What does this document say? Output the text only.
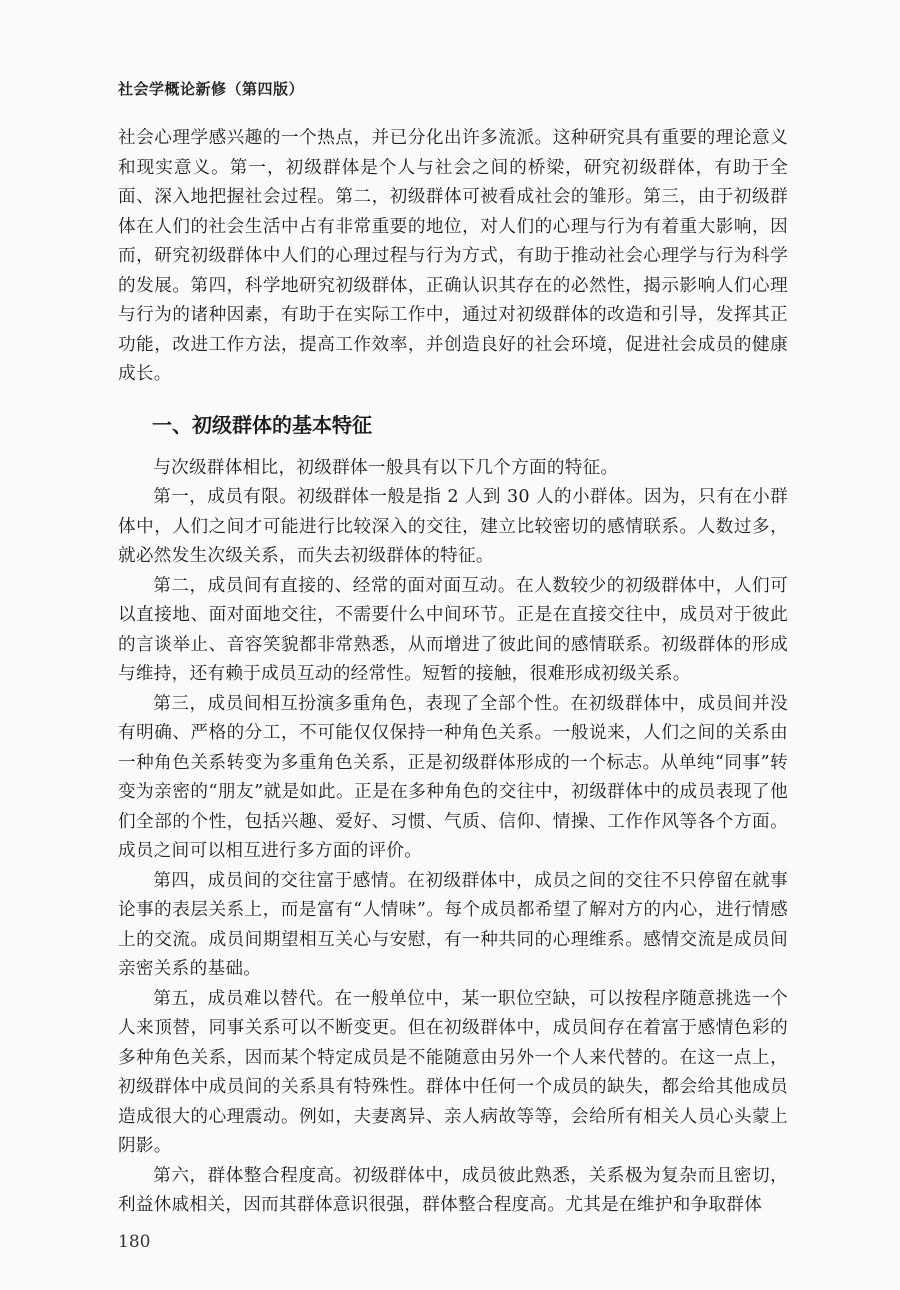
社会学概论新修（第四版）

社会心理学感兴趣的一个热点，并已分化出许多流派。这种研究具有重要的理论意义和现实意义。第一，初级群体是个人与社会之间的桥梁，研究初级群体，有助于全面、深入地把握社会过程。第二，初级群体可被看成社会的雏形。第三，由于初级群体在人们的社会生活中占有非常重要的地位，对人们的心理与行为有着重大影响，因而，研究初级群体中人们的心理过程与行为方式，有助于推动社会心理学与行为科学的发展。第四，科学地研究初级群体，正确认识其存在的必然性，揭示影响人们心理与行为的诸种因素，有助于在实际工作中，通过对初级群体的改造和引导，发挥其正功能，改进工作方法，提高工作效率，并创造良好的社会环境，促进社会成员的健康成长。

一、初级群体的基本特征

与次级群体相比，初级群体一般具有以下几个方面的特征。

第一，成员有限。初级群体一般是指 2 人到 30 人的小群体。因为，只有在小群体中，人们之间才可能进行比较深入的交往，建立比较密切的感情联系。人数过多，就必然发生次级关系，而失去初级群体的特征。

第二，成员间有直接的、经常的面对面互动。在人数较少的初级群体中，人们可以直接地、面对面地交往，不需要什么中间环节。正是在直接交往中，成员对于彼此的言谈举止、音容笑貌都非常熟悉，从而增进了彼此间的感情联系。初级群体的形成与维持，还有赖于成员互动的经常性。短暂的接触，很难形成初级关系。

第三，成员间相互扮演多重角色，表现了全部个性。在初级群体中，成员间并没有明确、严格的分工，不可能仅仅保持一种角色关系。一般说来，人们之间的关系由一种角色关系转变为多重角色关系，正是初级群体形成的一个标志。从单纯“同事”转变为亲密的“朋友”就是如此。正是在多种角色的交往中，初级群体中的成员表现了他们全部的个性，包括兴趣、爱好、习惯、气质、信仰、情操、工作作风等各个方面。成员之间可以相互进行多方面的评价。

第四，成员间的交往富于感情。在初级群体中，成员之间的交往不只停留在就事论事的表层关系上，而是富有“人情味”。每个成员都希望了解对方的内心，进行情感上的交流。成员间期望相互关心与安慰，有一种共同的心理维系。感情交流是成员间亲密关系的基础。

第五，成员难以替代。在一般单位中，某一职位空缺，可以按程序随意挑选一个人来顶替，同事关系可以不断变更。但在初级群体中，成员间存在着富于感情色彩的多种角色关系，因而某个特定成员是不能随意由另外一个人来代替的。在这一点上，初级群体中成员间的关系具有特殊性。群体中任何一个成员的缺失，都会给其他成员造成很大的心理震动。例如，夫妻离异、亲人病故等等，会给所有相关人员心头蒙上阴影。

第六，群体整合程度高。初级群体中，成员彼此熟悉，关系极为复杂而且密切，利益休戚相关，因而其群体意识很强，群体整合程度高。尤其是在维护和争取群体

180
